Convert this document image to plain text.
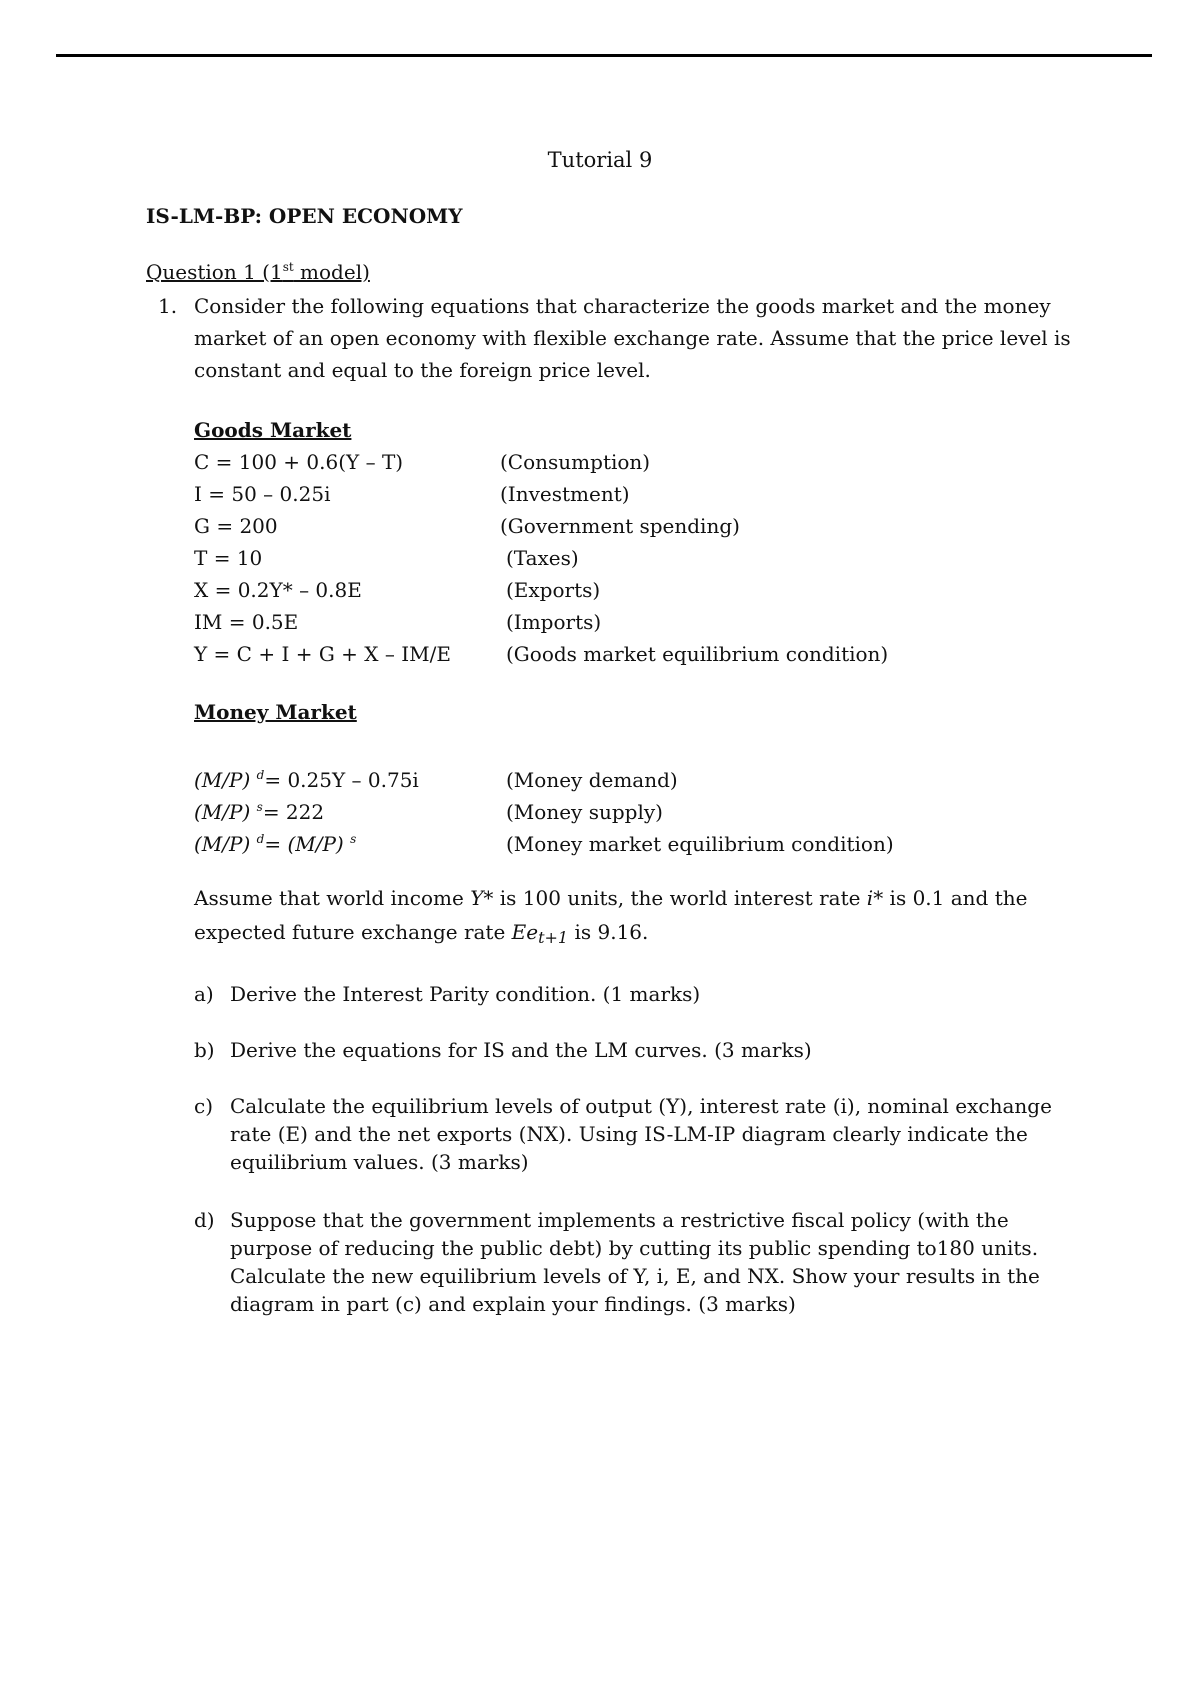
Tutorial 9
IS-LM-BP: OPEN ECONOMY
Question 1 (1st model)
1. Consider the following equations that characterize the goods market and the money
market of an open economy with flexible exchange rate. Assume that the price level is
constant and equal to the foreign price level.
Goods Market
C = 100 + 0.6(Y – T)	(Consumption)
I = 50 – 0.25i	(Investment)
G = 200	(Government spending)
T = 10	(Taxes)
X = 0.2Y* – 0.8E	(Exports)
IM = 0.5E	(Imports)
Y = C + I + G + X – IM/E	(Goods market equilibrium condition)
Money Market
(M/P) $^d$= 0.25Y – 0.75i	(Money demand)
(M/P) $^s$= 222	(Money supply)
(M/P) $^d$= (M/P) $^s$	(Money market equilibrium condition)
Assume that world income Y* is 100 units, the world interest rate i* is 0.1 and the
expected future exchange rate $Ee_{t+1}$ is 9.16.
a) Derive the Interest Parity condition. (1 marks)
b) Derive the equations for IS and the LM curves. (3 marks)
c) Calculate the equilibrium levels of output (Y), interest rate (i), nominal exchange
rate (E) and the net exports (NX). Using IS-LM-IP diagram clearly indicate the
equilibrium values. (3 marks)
d) Suppose that the government implements a restrictive fiscal policy (with the
purpose of reducing the public debt) by cutting its public spending to180 units.
Calculate the new equilibrium levels of Y, i, E, and NX. Show your results in the
diagram in part (c) and explain your findings. (3 marks)
